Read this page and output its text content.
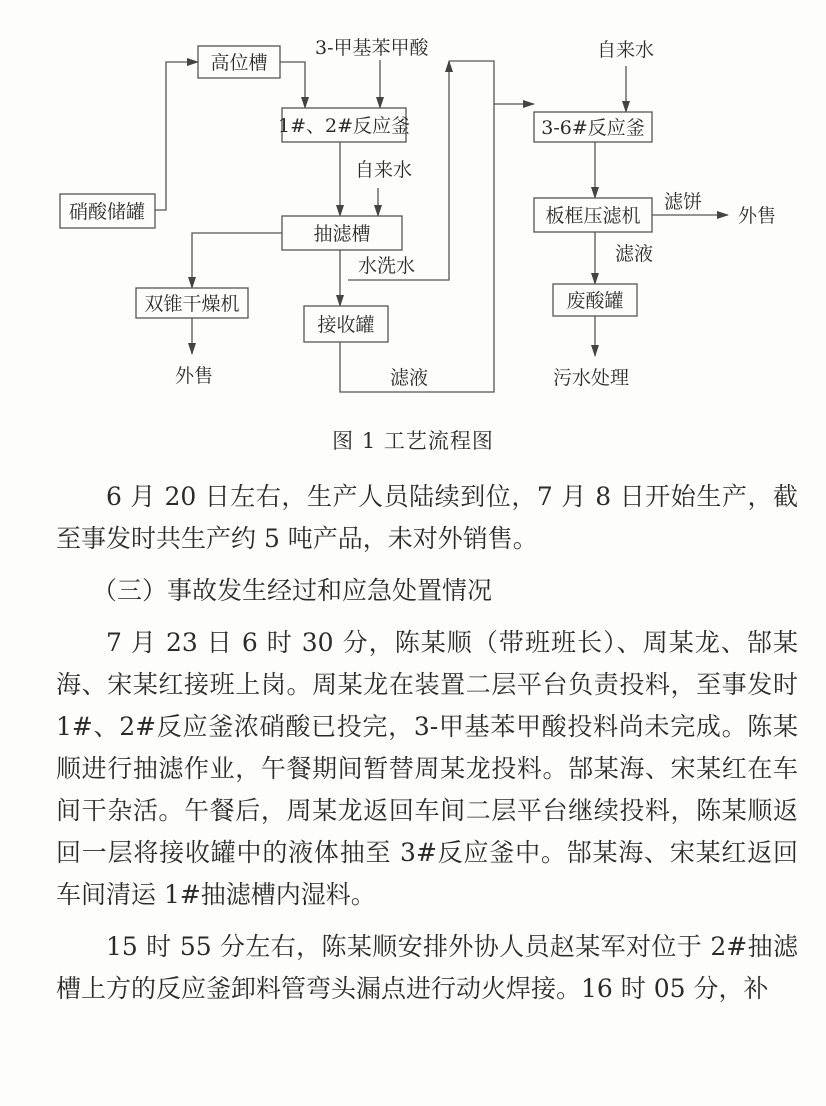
高位槽
1#、2#反应釜
硝酸储罐
抽滤槽
双锥干燥机
接收罐
3-6#反应釜
板框压滤机
废酸罐
3-甲基苯甲酸	自来水
自来水
水洗水
外售	滤液
滤饼
外售
滤液
污水处理
图 1 工艺流程图

6 月 20 日左右，生产人员陆续到位，7 月 8 日开始生产，截至事发时共生产约 5 吨产品，未对外销售。

（三）事故发生经过和应急处置情况

7 月 23 日 6 时 30 分，陈某顺（带班班长）、周某龙、郜某海、宋某红接班上岗。周某龙在装置二层平台负责投料，至事发时 1#、2#反应釜浓硝酸已投完，3-甲基苯甲酸投料尚未完成。陈某顺进行抽滤作业，午餐期间暂替周某龙投料。郜某海、宋某红在车间干杂活。午餐后，周某龙返回车间二层平台继续投料，陈某顺返回一层将接收罐中的液体抽至 3#反应釜中。郜某海、宋某红返回车间清运 1#抽滤槽内湿料。

15 时 55 分左右，陈某顺安排外协人员赵某军对位于 2#抽滤槽上方的反应釜卸料管弯头漏点进行动火焊接。16 时 05 分，补
